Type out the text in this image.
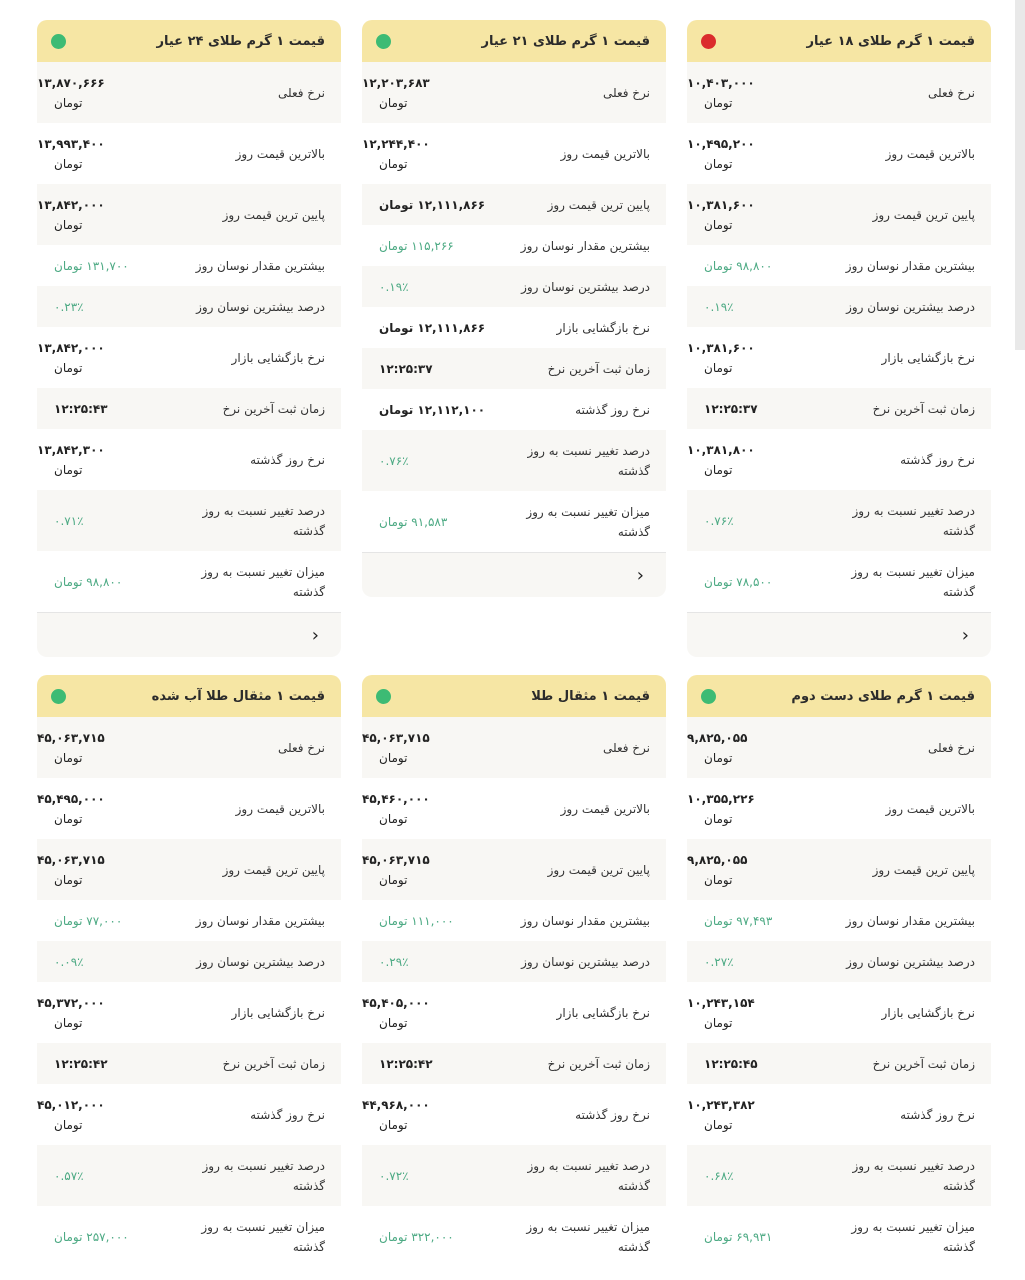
قیمت ۱ گرم طلای ۱۸ عیار
نرخ فعلی
۱۰,۴۰۳,۰۰۰
تومان
بالاترین قیمت روز
۱۰,۴۹۵,۲۰۰
تومان
پایین ترین قیمت روز
۱۰,۳۸۱,۶۰۰
تومان
بیشترین مقدار نوسان روز
۹۸,۸۰۰ تومان
درصد بیشترین نوسان روز
۰.۱۹٪
نرخ بازگشایی بازار
۱۰,۳۸۱,۶۰۰
تومان
زمان ثبت آخرین نرخ
۱۲:۲۵:۳۷
نرخ روز گذشته
۱۰,۳۸۱,۸۰۰
تومان
درصد تغییر نسبت به روز گذشته
۰.۷۶٪
میزان تغییر نسبت به روز گذشته
۷۸,۵۰۰ تومان
‹
قیمت ۱ گرم طلای ۲۱ عیار
نرخ فعلی
۱۲,۲۰۳,۶۸۳
تومان
بالاترین قیمت روز
۱۲,۲۴۴,۴۰۰
تومان
پایین ترین قیمت روز
۱۲,۱۱۱,۸۶۶ تومان
بیشترین مقدار نوسان روز
۱۱۵,۲۶۶ تومان
درصد بیشترین نوسان روز
۰.۱۹٪
نرخ بازگشایی بازار
۱۲,۱۱۱,۸۶۶ تومان
زمان ثبت آخرین نرخ
۱۲:۲۵:۳۷
نرخ روز گذشته
۱۲,۱۱۲,۱۰۰ تومان
درصد تغییر نسبت به روز گذشته
۰.۷۶٪
میزان تغییر نسبت به روز گذشته
۹۱,۵۸۳ تومان
‹
قیمت ۱ گرم طلای ۲۴ عیار
نرخ فعلی
۱۳,۸۷۰,۶۶۶
تومان
بالاترین قیمت روز
۱۳,۹۹۳,۴۰۰
تومان
پایین ترین قیمت روز
۱۳,۸۴۲,۰۰۰
تومان
بیشترین مقدار نوسان روز
۱۳۱,۷۰۰ تومان
درصد بیشترین نوسان روز
۰.۲۳٪
نرخ بازگشایی بازار
۱۳,۸۴۲,۰۰۰
تومان
زمان ثبت آخرین نرخ
۱۲:۲۵:۴۳
نرخ روز گذشته
۱۳,۸۴۲,۳۰۰
تومان
درصد تغییر نسبت به روز گذشته
۰.۷۱٪
میزان تغییر نسبت به روز گذشته
۹۸,۸۰۰ تومان
‹
قیمت ۱ گرم طلای دست دوم
نرخ فعلی
۹,۸۲۵,۰۵۵
تومان
بالاترین قیمت روز
۱۰,۳۵۵,۲۲۶
تومان
پایین ترین قیمت روز
۹,۸۲۵,۰۵۵
تومان
بیشترین مقدار نوسان روز
۹۷,۴۹۳ تومان
درصد بیشترین نوسان روز
۰.۲۷٪
نرخ بازگشایی بازار
۱۰,۲۴۳,۱۵۴
تومان
زمان ثبت آخرین نرخ
۱۲:۲۵:۴۵
نرخ روز گذشته
۱۰,۲۴۳,۳۸۲
تومان
درصد تغییر نسبت به روز گذشته
۰.۶۸٪
میزان تغییر نسبت به روز گذشته
۶۹,۹۳۱ تومان
قیمت ۱ مثقال طلا
نرخ فعلی
۴۵,۰۶۳,۷۱۵
تومان
بالاترین قیمت روز
۴۵,۴۶۰,۰۰۰
تومان
پایین ترین قیمت روز
۴۵,۰۶۳,۷۱۵
تومان
بیشترین مقدار نوسان روز
۱۱۱,۰۰۰ تومان
درصد بیشترین نوسان روز
۰.۲۹٪
نرخ بازگشایی بازار
۴۵,۴۰۵,۰۰۰
تومان
زمان ثبت آخرین نرخ
۱۲:۲۵:۴۲
نرخ روز گذشته
۴۴,۹۶۸,۰۰۰
تومان
درصد تغییر نسبت به روز گذشته
۰.۷۲٪
میزان تغییر نسبت به روز گذشته
۳۲۲,۰۰۰ تومان
قیمت ۱ مثقال طلا آب شده
نرخ فعلی
۴۵,۰۶۳,۷۱۵
تومان
بالاترین قیمت روز
۴۵,۴۹۵,۰۰۰
تومان
پایین ترین قیمت روز
۴۵,۰۶۳,۷۱۵
تومان
بیشترین مقدار نوسان روز
۷۷,۰۰۰ تومان
درصد بیشترین نوسان روز
۰.۰۹٪
نرخ بازگشایی بازار
۴۵,۳۷۲,۰۰۰
تومان
زمان ثبت آخرین نرخ
۱۲:۲۵:۴۲
نرخ روز گذشته
۴۵,۰۱۲,۰۰۰
تومان
درصد تغییر نسبت به روز گذشته
۰.۵۷٪
میزان تغییر نسبت به روز گذشته
۲۵۷,۰۰۰ تومان
